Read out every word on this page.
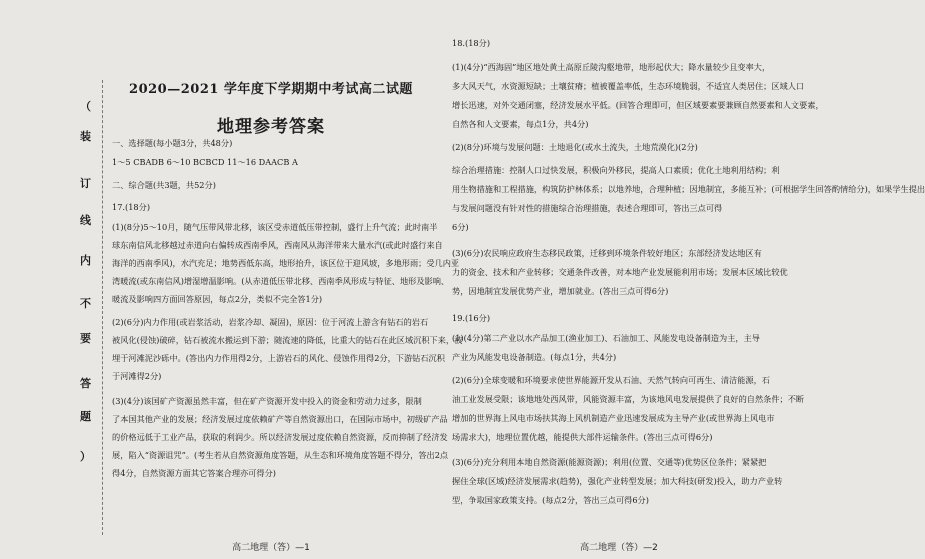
（
装
订
线
内
不
要
答
题
）
2020—2021 学年度下学期期中考试高二试题
地理参考答案
一、选择题(每小题3分，共48分)
1～5 CBADB 6～10 BCBCD 11～16 DAACB A
二、综合题(共3题，共52分)
17.(18分)
(1)(8分)5～10月，随气压带风带北移，该区受赤道低压带控制，盛行上升气流；此时南半
球东南信风北移越过赤道向右偏转成西南季风，西南风从海洋带来大量水汽(或此时盛行来自
海洋的西南季风)，水汽充足；地势西低东高，地形抬升，该区位于迎风坡，多地形雨；受几内亚
湾暖流(或东南信风)增湿增温影响。(从赤道低压带北移、西南季风形成与特征、地形及影响、
暖流及影响四方面回答原因，每点2分，类似不完全答1分)
(2)(6分)内力作用(或岩浆活动，岩浆冷却、凝固)，原因：位于河流上游含有钻石的岩石
被风化(侵蚀)破碎，钻石被流水搬运到下游；随流速的降低，比重大的钻石在此区域沉积下来，被
埋于河滩泥沙砾中。(答出内力作用得2分，上游岩石的风化、侵蚀作用得2分，下游钻石沉积
于河滩得2分)
(3)(4分)该国矿产资源虽然丰富，但在矿产资源开发中投入的资金和劳动力过多，限制
了本国其他产业的发展；经济发展过度依赖矿产等自然资源出口，在国际市场中，初级矿产品
的价格远低于工业产品，获取的利润少。所以经济发展过度依赖自然资源，反而抑制了经济发
展，陷入“资源诅咒”。(考生若从自然资源角度答题，从生态和环境角度答题不得分，答出2点
得4分，自然资源方面其它答案合理亦可得分)
高二地理（答）—1
18.(18分)
(1)(4分)“西海固”地区地处黄土高原丘陵沟壑地带，地形起伏大；降水量较少且变率大，
多大风天气，水资源短缺；土壤贫瘠；植被覆盖率低，生态环境脆弱，不适宜人类居住；区域人口
增长迅速，对外交通闭塞，经济发展水平低。(回答合理即可，但区域要素要兼顾自然要素和人文要素，
自然各和人文要素，每点1分，共4分)
(2)(8分)环境与发展问题：土地退化(或水土流失，土地荒漠化)(2分)
综合治理措施：控制人口过快发展，积极向外移民，提高人口素质；优化土地利用结构；利
用生物措施和工程措施，构筑防护林体系；以地养地，合理种植；因地制宜，多能互补；(可根据学生回答酌情给分)，如果学生提出
与发展问题没有针对性的措施综合治理措施，表述合理即可，答出三点可得
6分)
(3)(6分)农民响应政府生态移民政策，迁移到环境条件较好地区；东部经济发达地区有
力的资金、技术和产业转移；交通条件改善，对本地产业发展能利用市场；发展本区域比较优
势，因地制宜发展优势产业，增加就业。(答出三点可得6分)
19.(16分)
(1)(4分)第二产业以水产品加工(渔业加工)、石油加工、风能发电设备制造为主，主导
产业为风能发电设备制造。(每点1分，共4分)
(2)(6分)全球变暖和环境要求使世界能源开发从石油、天然气转向可再生、清洁能源，石
油工业发展受限；该地地处西风带，风能资源丰富，为该地风电发展提供了良好的自然条件；不断
增加的世界海上风电市场扶其海上风机制造产业迅速发展成为主导产业(或世界海上风电市
场需求大)，地理位置优越，能提供大部件运输条件。(答出三点可得6分)
(3)(6分)充分利用本地自然资源(能源资源)；利用(位置、交通等)优势区位条件；紧紧把
握住全球(区域)经济发展需求(趋势)，强化产业转型发展；加大科技(研发)投入，助力产业转
型，争取国家政策支持。(每点2分，答出三点可得6分)
高二地理（答）—2
